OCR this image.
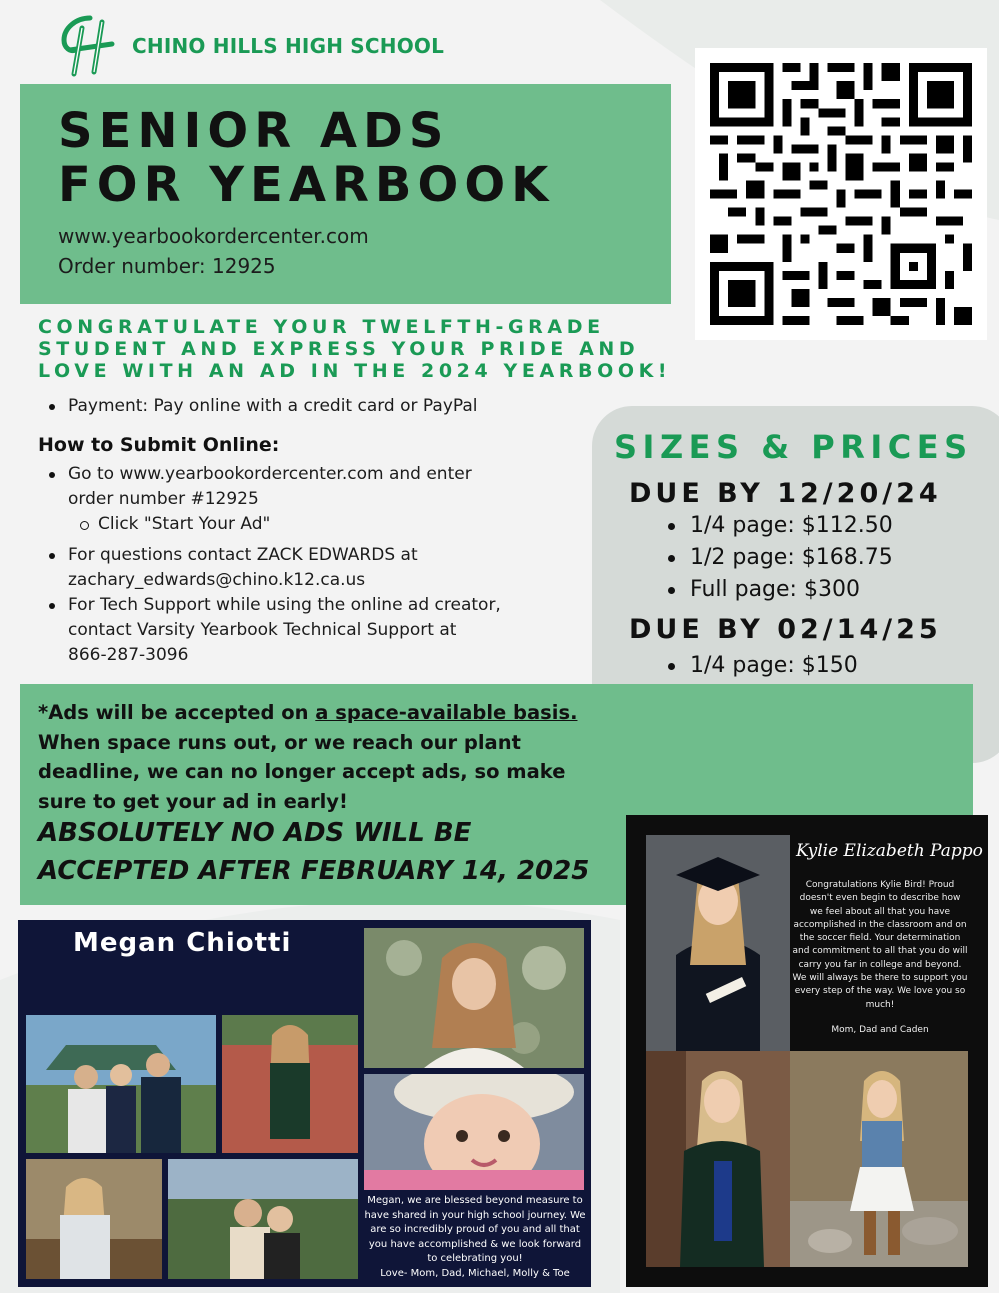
CHINO HILLS HIGH SCHOOL
SENIOR ADS
FOR YEARBOOK
www.yearbookordercenter.com
Order number: 12925
CONGRATULATE YOUR TWELFTH-GRADE
STUDENT AND EXPRESS YOUR PRIDE AND
LOVE WITH AN AD IN THE 2024 YEARBOOK!
Payment: Pay online with a credit card or PayPal
How to Submit Online:
Go to www.yearbookordercenter.com and enter
order number #12925
Click "Start Your Ad"
For questions contact ZACK EDWARDS at
zachary_edwards@chino.k12.ca.us
For Tech Support while using the online ad creator,
contact Varsity Yearbook Technical Support at
866-287-3096
SIZES & PRICES
DUE BY 12/20/24
1/4 page: $112.50
1/2 page: $168.75
Full page: $300
DUE BY 02/14/25
1/4 page: $150
*Ads will be accepted on a space-available basis.
When space runs out, or we reach our plant
deadline, we can no longer accept ads, so make
sure to get your ad in early!
ABSOLUTELY NO ADS WILL BE
ACCEPTED AFTER FEBRUARY 14, 2025
Megan Chiotti
Megan, we are blessed beyond measure to have shared in your high school journey. We are so incredibly proud of you and all that you have accomplished & we look forward to celebrating you!
Love- Mom, Dad, Michael, Molly & Toe
Kylie Elizabeth Pappo
Congratulations Kylie Bird! Proud doesn't even begin to describe how we feel about all that you have accomplished in the classroom and on the soccer field. Your determination and commitment to all that you do will carry you far in college and beyond. We will always be there to support you every step of the way. We love you so much!
Mom, Dad and Caden
